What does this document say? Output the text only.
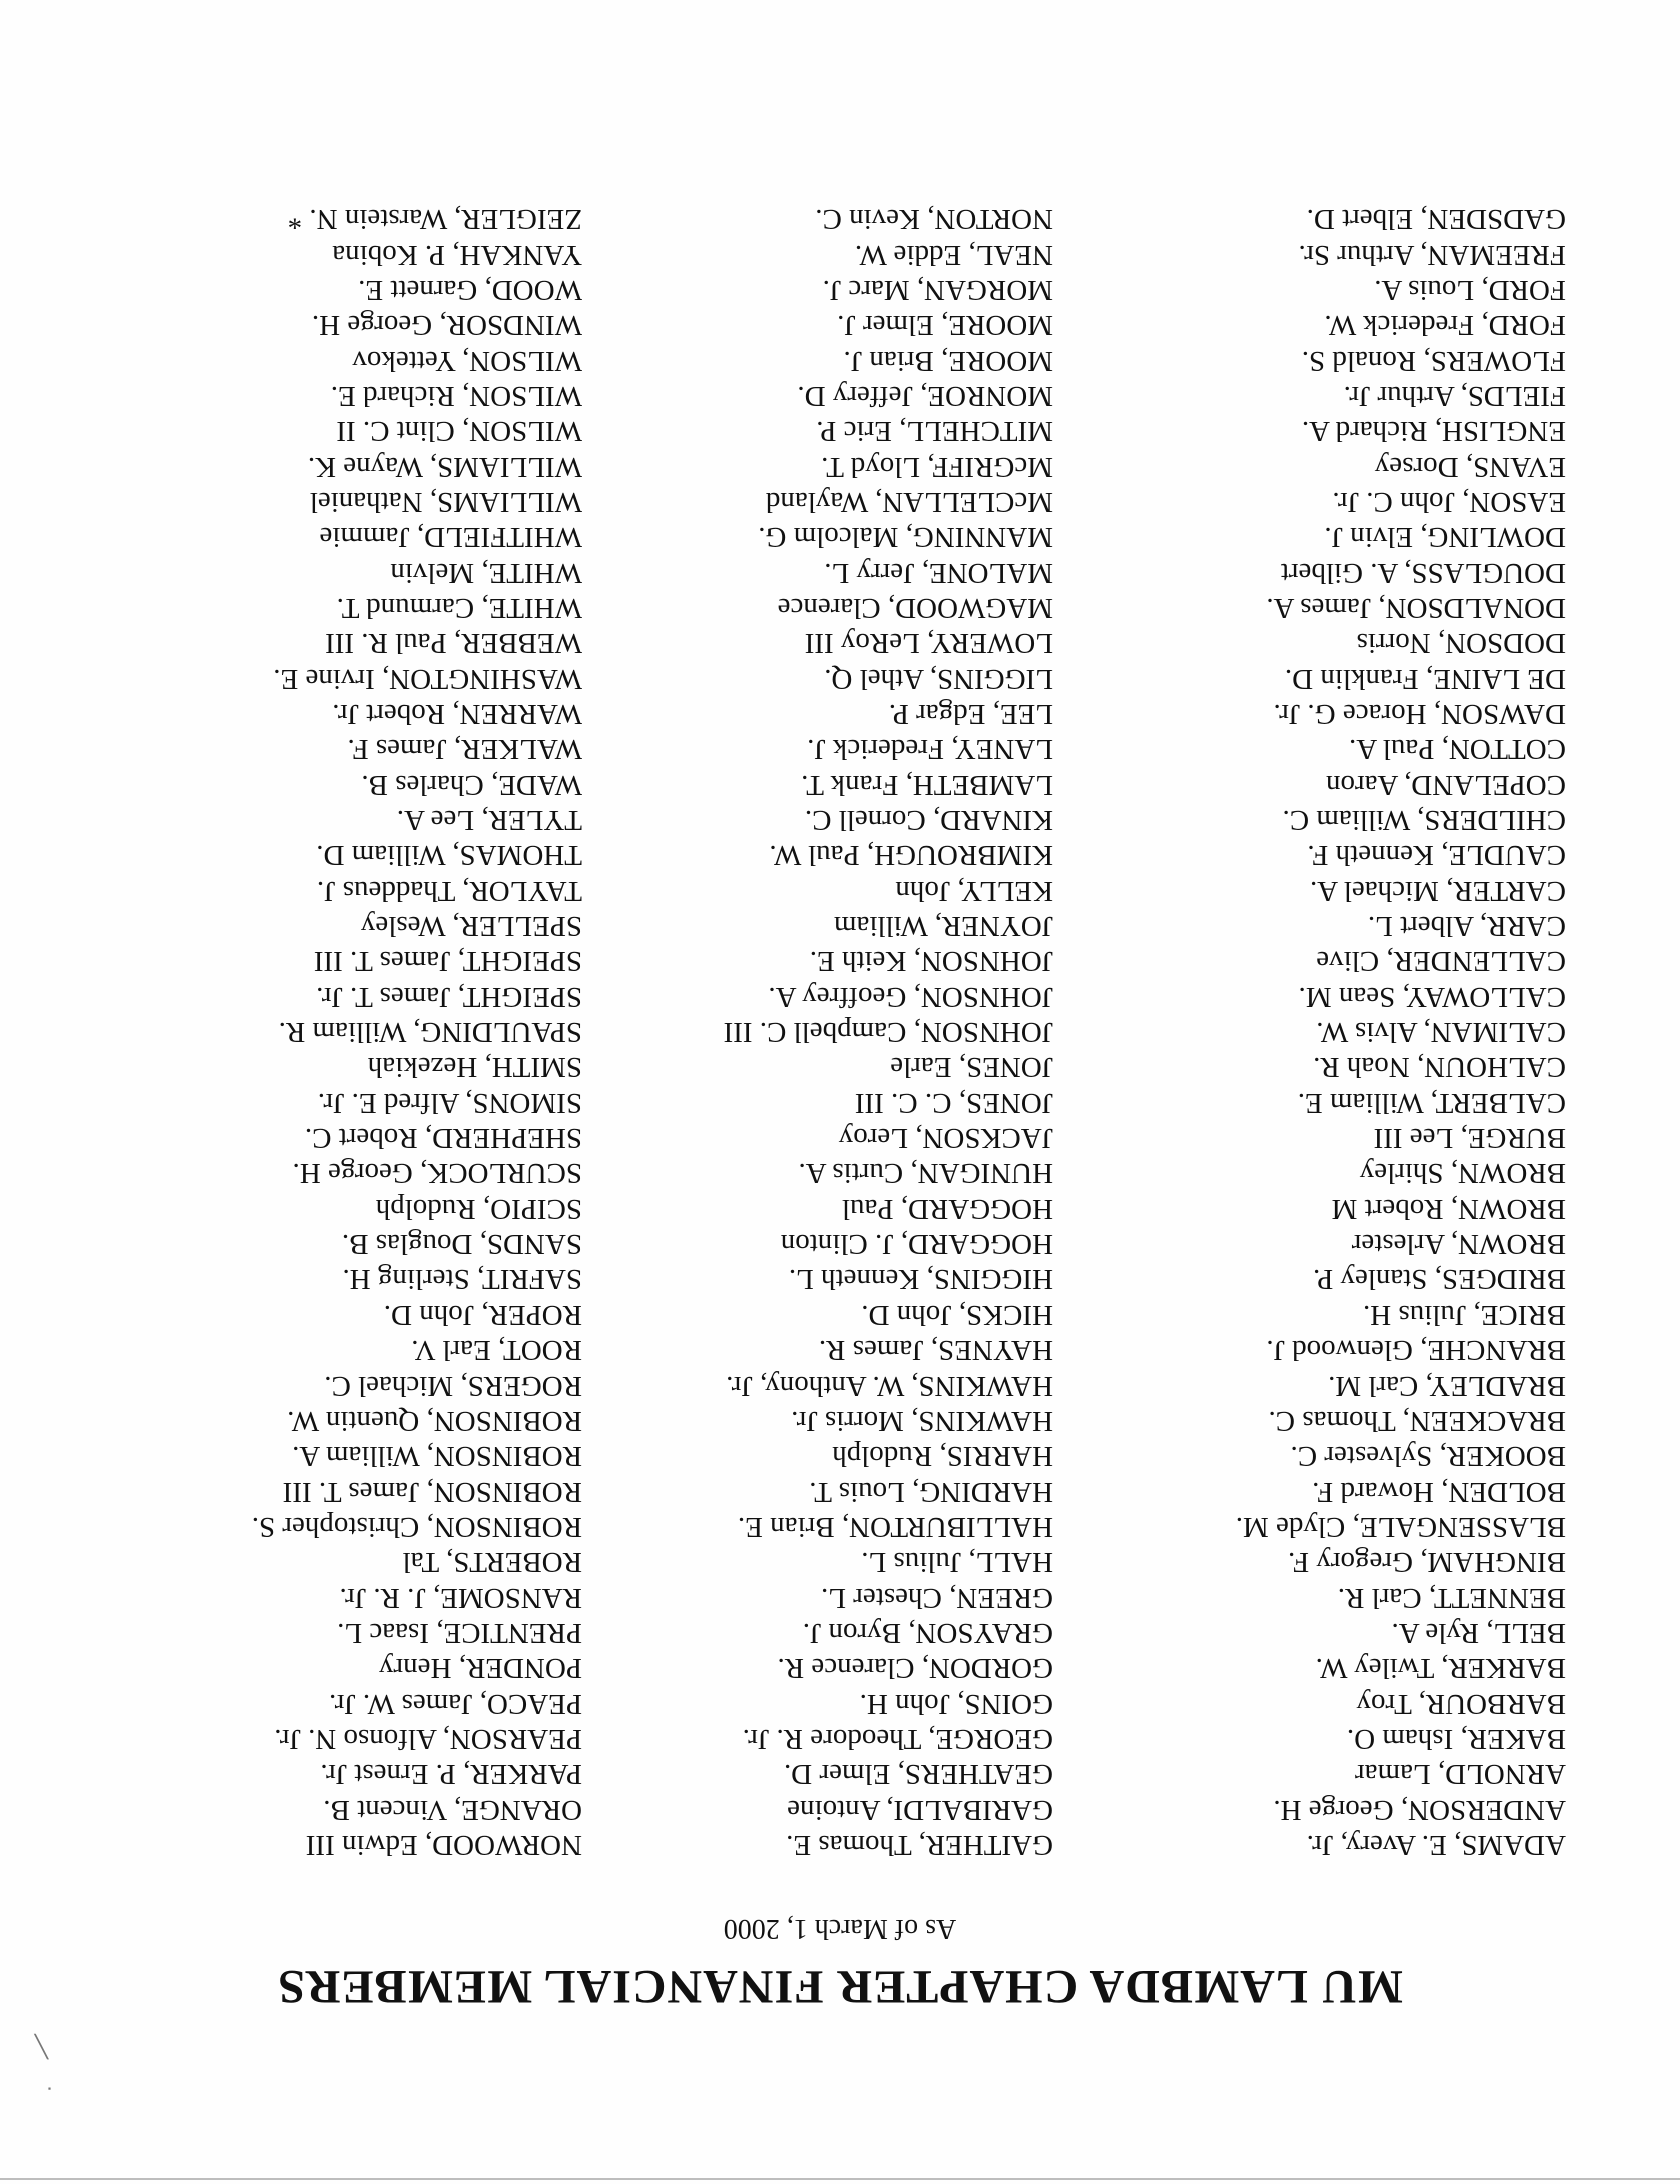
MU LAMBDA CHAPTER FINANCIAL MEMBERS

As of March 1, 2000

ADAMS, E. Avery, Jr.
ANDERSON, George H.
ARNOLD, Lamar
BAKER, Isham O.
BARBOUR, Troy
BARKER, Twiley W.
BELL, Ryle A.
BENNETT, Carl R.
BINGHAM, Gregory F.
BLASSENGALE, Clyde M.
BOLDEN, Howard F.
BOOKER, Sylvester C.
BRACKEEN, Thomas C.
BRADLEY, Carl M.
BRANCHE, Glenwood J.
BRICE, Julius H.
BRIDGES, Stanley P.
BROWN, Arlester
BROWN, Robert M
BROWN, Shirley
BURGE, Lee III
CALBERT, William E.
CALHOUN, Noah R.
CALIMAN, Alvis W.
CALLOWAY, Sean M.
CALLENDER, Clive
CARR, Albert L.
CARTER, Michael A.
CAUDLE, Kenneth F.
CHILDERS, William C.
COPELAND, Aaron
COTTON, Paul A.
DAWSON, Horace G. Jr.
DE LAINE, Franklin D.
DODSON, Norris
DONALDSON, James A.
DOUGLASS, A. Gilbert
DOWLING, Elvin J.
EASON, John C. Jr.
EVANS, Dorsey
ENGLISH, Richard A.
FIELDS, Arthur Jr.
FLOWERS, Ronald S.
FORD, Frederick W.
FORD, Louis A.
FREEMAN, Arthur Sr.
GADSDEN, Elbert D.
GAITHER, Thomas E.
GARIBALDI, Antoine
GEATHERS, Elmer D.
GEORGE, Theodore R. Jr.
GOINS, John H.
GORDON, Clarence R.
GRAYSON, Byron J.
GREEN, Chester L.
HALL, Julius L.
HALLIBURTON, Brian E.
HARDING, Louis T.
HARRIS, Rudolph
HAWKINS, Morris Jr.
HAWKINS, W. Anthony, Jr.
HAYNES, James R.
HICKS, John D.
HIGGINS, Kenneth L.
HOGGARD, J. Clinton
HOGGARD, Paul
HUNIGAN, Curtis A.
JACKSON, Leroy
JONES, C. C. III
JONES, Earle
JOHNSON, Campbell C. III
JOHNSON, Geoffrey A.
JOHNSON, Keith E.
JOYNER, William
KELLY, John
KIMBROUGH, Paul W.
KINARD, Cornell C.
LAMBETH, Frank T.
LANEY, Frederick J.
LEE, Edgar P.
LIGGINS, Athel Q.
LOWERY, LeRoy III
MAGWOOD, Clarence
MALONE, Jerry L.
MANNING, Malcolm G.
McCLELLAN, Wayland
McGRIFF, Lloyd T.
MITCHELL, Eric P.
MONROE, Jeffery D.
MOORE, Brian J.
MOORE, Elmer J.
MORGAN, Marc J.
NEAL, Eddie W.
NORTON, Kevin C.
NORWOOD, Edwin III
ORANGE, Vincent B.
PARKER, P. Ernest Jr.
PEARSON, Alfonso N. Jr.
PEACO, James W. Jr.
PONDER, Henry
PRENTICE, Isaac L.
RANSOME, J. R. Jr.
ROBERTS, Tal
ROBINSON, Christopher S.
ROBINSON, James T. III
ROBINSON, William A.
ROBINSON, Quentin W.
ROGERS, Michael C.
ROOT, Earl V.
ROPER, John D.
SAFRIT, Sterling H.
SANDS, Douglas B.
SCIPIO, Rudolph
SCURLOCK, George H.
SHEPHERD, Robert C.
SIMONS, Alfred E. Jr.
SMITH, Hezekiah
SPAULDING, William R.
SPEIGHT, James T. Jr.
SPEIGHT, James T. III
SPELLER, Wesley
TAYLOR, Thaddeus J.
THOMAS, William D.
TYLER, Lee A.
WADE, Charles B.
WALKER, James F.
WARREN, Robert Jr.
WASHINGTON, Irvine E.
WEBBER, Paul R. III
WHITE, Carmund T.
WHITE, Melvin
WHITFIELD, Jammie
WILLIAMS, Nathaniel
WILLIAMS, Wayne K.
WILSON, Clint C. II
WILSON, Richard E.
WILSON, Yettekov
WINDSOR, George H.
WOOD, Garnett E.
YANKAH, P. Kobina
ZEIGLER, Warstein N. *
˙
╲
